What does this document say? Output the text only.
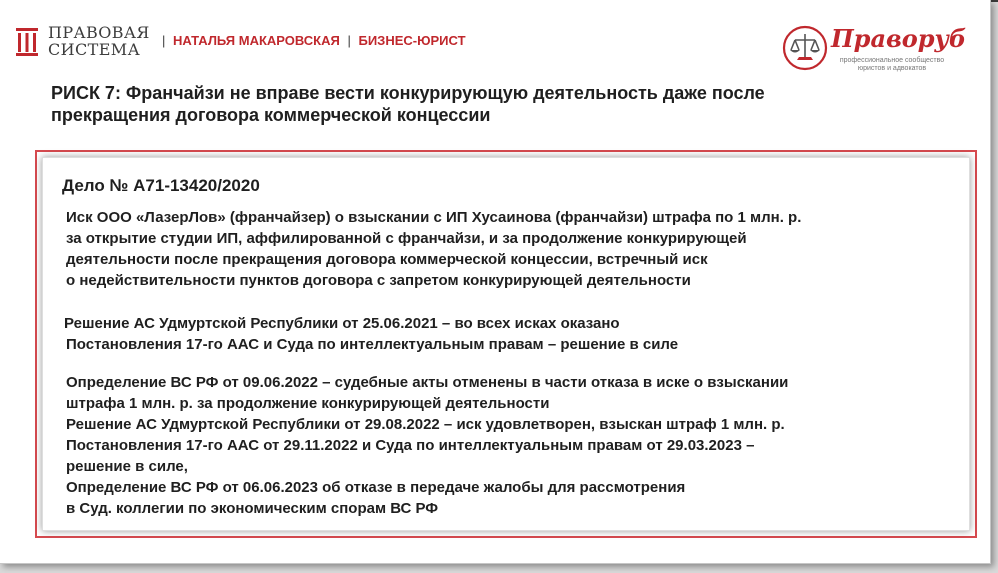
ПРАВОВАЯ
СИСТЕМА	| НАТАЛЬЯ МАКАРОВСКАЯ | БИЗНЕС-ЮРИСТ	Праворуб
профессиональное сообщество юристов и адвокатов
РИСК 7: Франчайзи не вправе вести конкурирующую деятельность даже после
прекращения договора коммерческой концессии
Дело № А71-13420/2020
Иск ООО «ЛазерЛов» (франчайзер) о взыскании с ИП Хусаинова (франчайзи) штрафа по 1 млн. р.
за открытие студии ИП, аффилированной с франчайзи, и за продолжение конкурирующей
деятельности после прекращения договора коммерческой концессии, встречный иск
о недействительности пунктов договора с запретом конкурирующей деятельности
Решение АС Удмуртской Республики от 25.06.2021 – во всех исках оказано
Постановления 17-го ААС и Суда по интеллектуальным правам – решение в силе
Определение ВС РФ от 09.06.2022 – судебные акты отменены в части отказа в иске о взыскании
штрафа 1 млн. р. за продолжение конкурирующей деятельности
Решение АС Удмуртской Республики от 29.08.2022 – иск удовлетворен, взыскан штраф 1 млн. р.
Постановления 17-го ААС от 29.11.2022 и Суда по интеллектуальным правам от 29.03.2023 –
решение в силе,
Определение ВС РФ от 06.06.2023 об отказе в передаче жалобы для рассмотрения
в Суд. коллегии по экономическим спорам ВС РФ
